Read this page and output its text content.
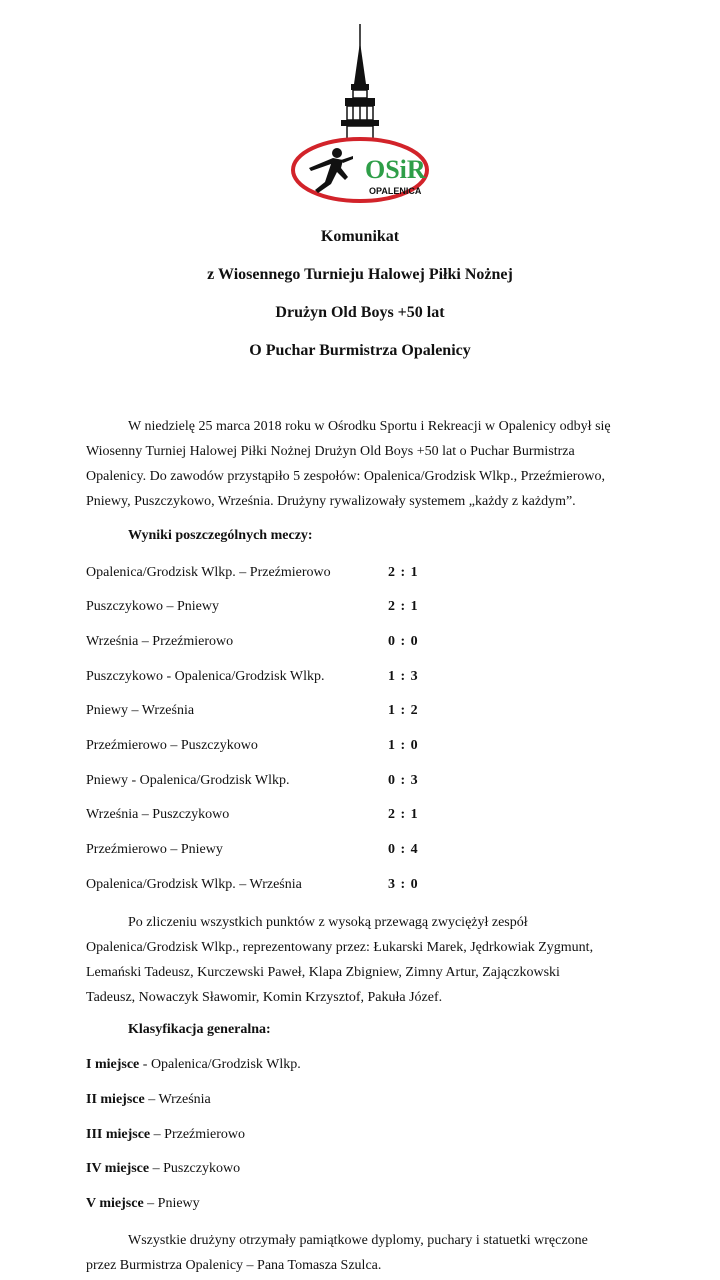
OSiR
OPALENICA
Komunikat
z Wiosennego Turnieju Halowej Piłki Nożnej
Drużyn Old Boys +50 lat
O Puchar Burmistrza Opalenicy

W niedzielę 25 marca 2018 roku w Ośrodku Sportu i Rekreacji w Opalenicy odbył się
Wiosenny Turniej Halowej Piłki Nożnej Drużyn Old Boys +50 lat o Puchar Burmistrza
Opalenicy. Do zawodów przystąpiło 5 zespołów: Opalenica/Grodzisk Wlkp., Przeźmierowo,
Pniewy, Puszczykowo, Września. Drużyny rywalizowały systemem „każdy z każdym”.

Wyniki poszczególnych meczy:
Opalenica/Grodzisk Wlkp. – Przeźmierowo	2 : 1
Puszczykowo – Pniewy	2 : 1
Września – Przeźmierowo	0 : 0
Puszczykowo - Opalenica/Grodzisk Wlkp.	1 : 3
Pniewy – Września	1 : 2
Przeźmierowo – Puszczykowo	1 : 0
Pniewy - Opalenica/Grodzisk Wlkp.	0 : 3
Września – Puszczykowo	2 : 1
Przeźmierowo – Pniewy	0 : 4
Opalenica/Grodzisk Wlkp. – Września	3 : 0

Po zliczeniu wszystkich punktów z wysoką przewagą zwyciężył zespół
Opalenica/Grodzisk Wlkp., reprezentowany przez: Łukarski Marek, Jędrkowiak Zygmunt,
Lemański Tadeusz, Kurczewski Paweł, Klapa Zbigniew, Zimny Artur, Zajączkowski
Tadeusz, Nowaczyk Sławomir, Komin Krzysztof, Pakuła Józef.

Klasyfikacja generalna:
I miejsce - Opalenica/Grodzisk Wlkp.
II miejsce – Września
III miejsce – Przeźmierowo
IV miejsce – Puszczykowo
V miejsce – Pniewy

Wszystkie drużyny otrzymały pamiątkowe dyplomy, puchary i statuetki wręczone
przez Burmistrza Opalenicy – Pana Tomasza Szulca.
